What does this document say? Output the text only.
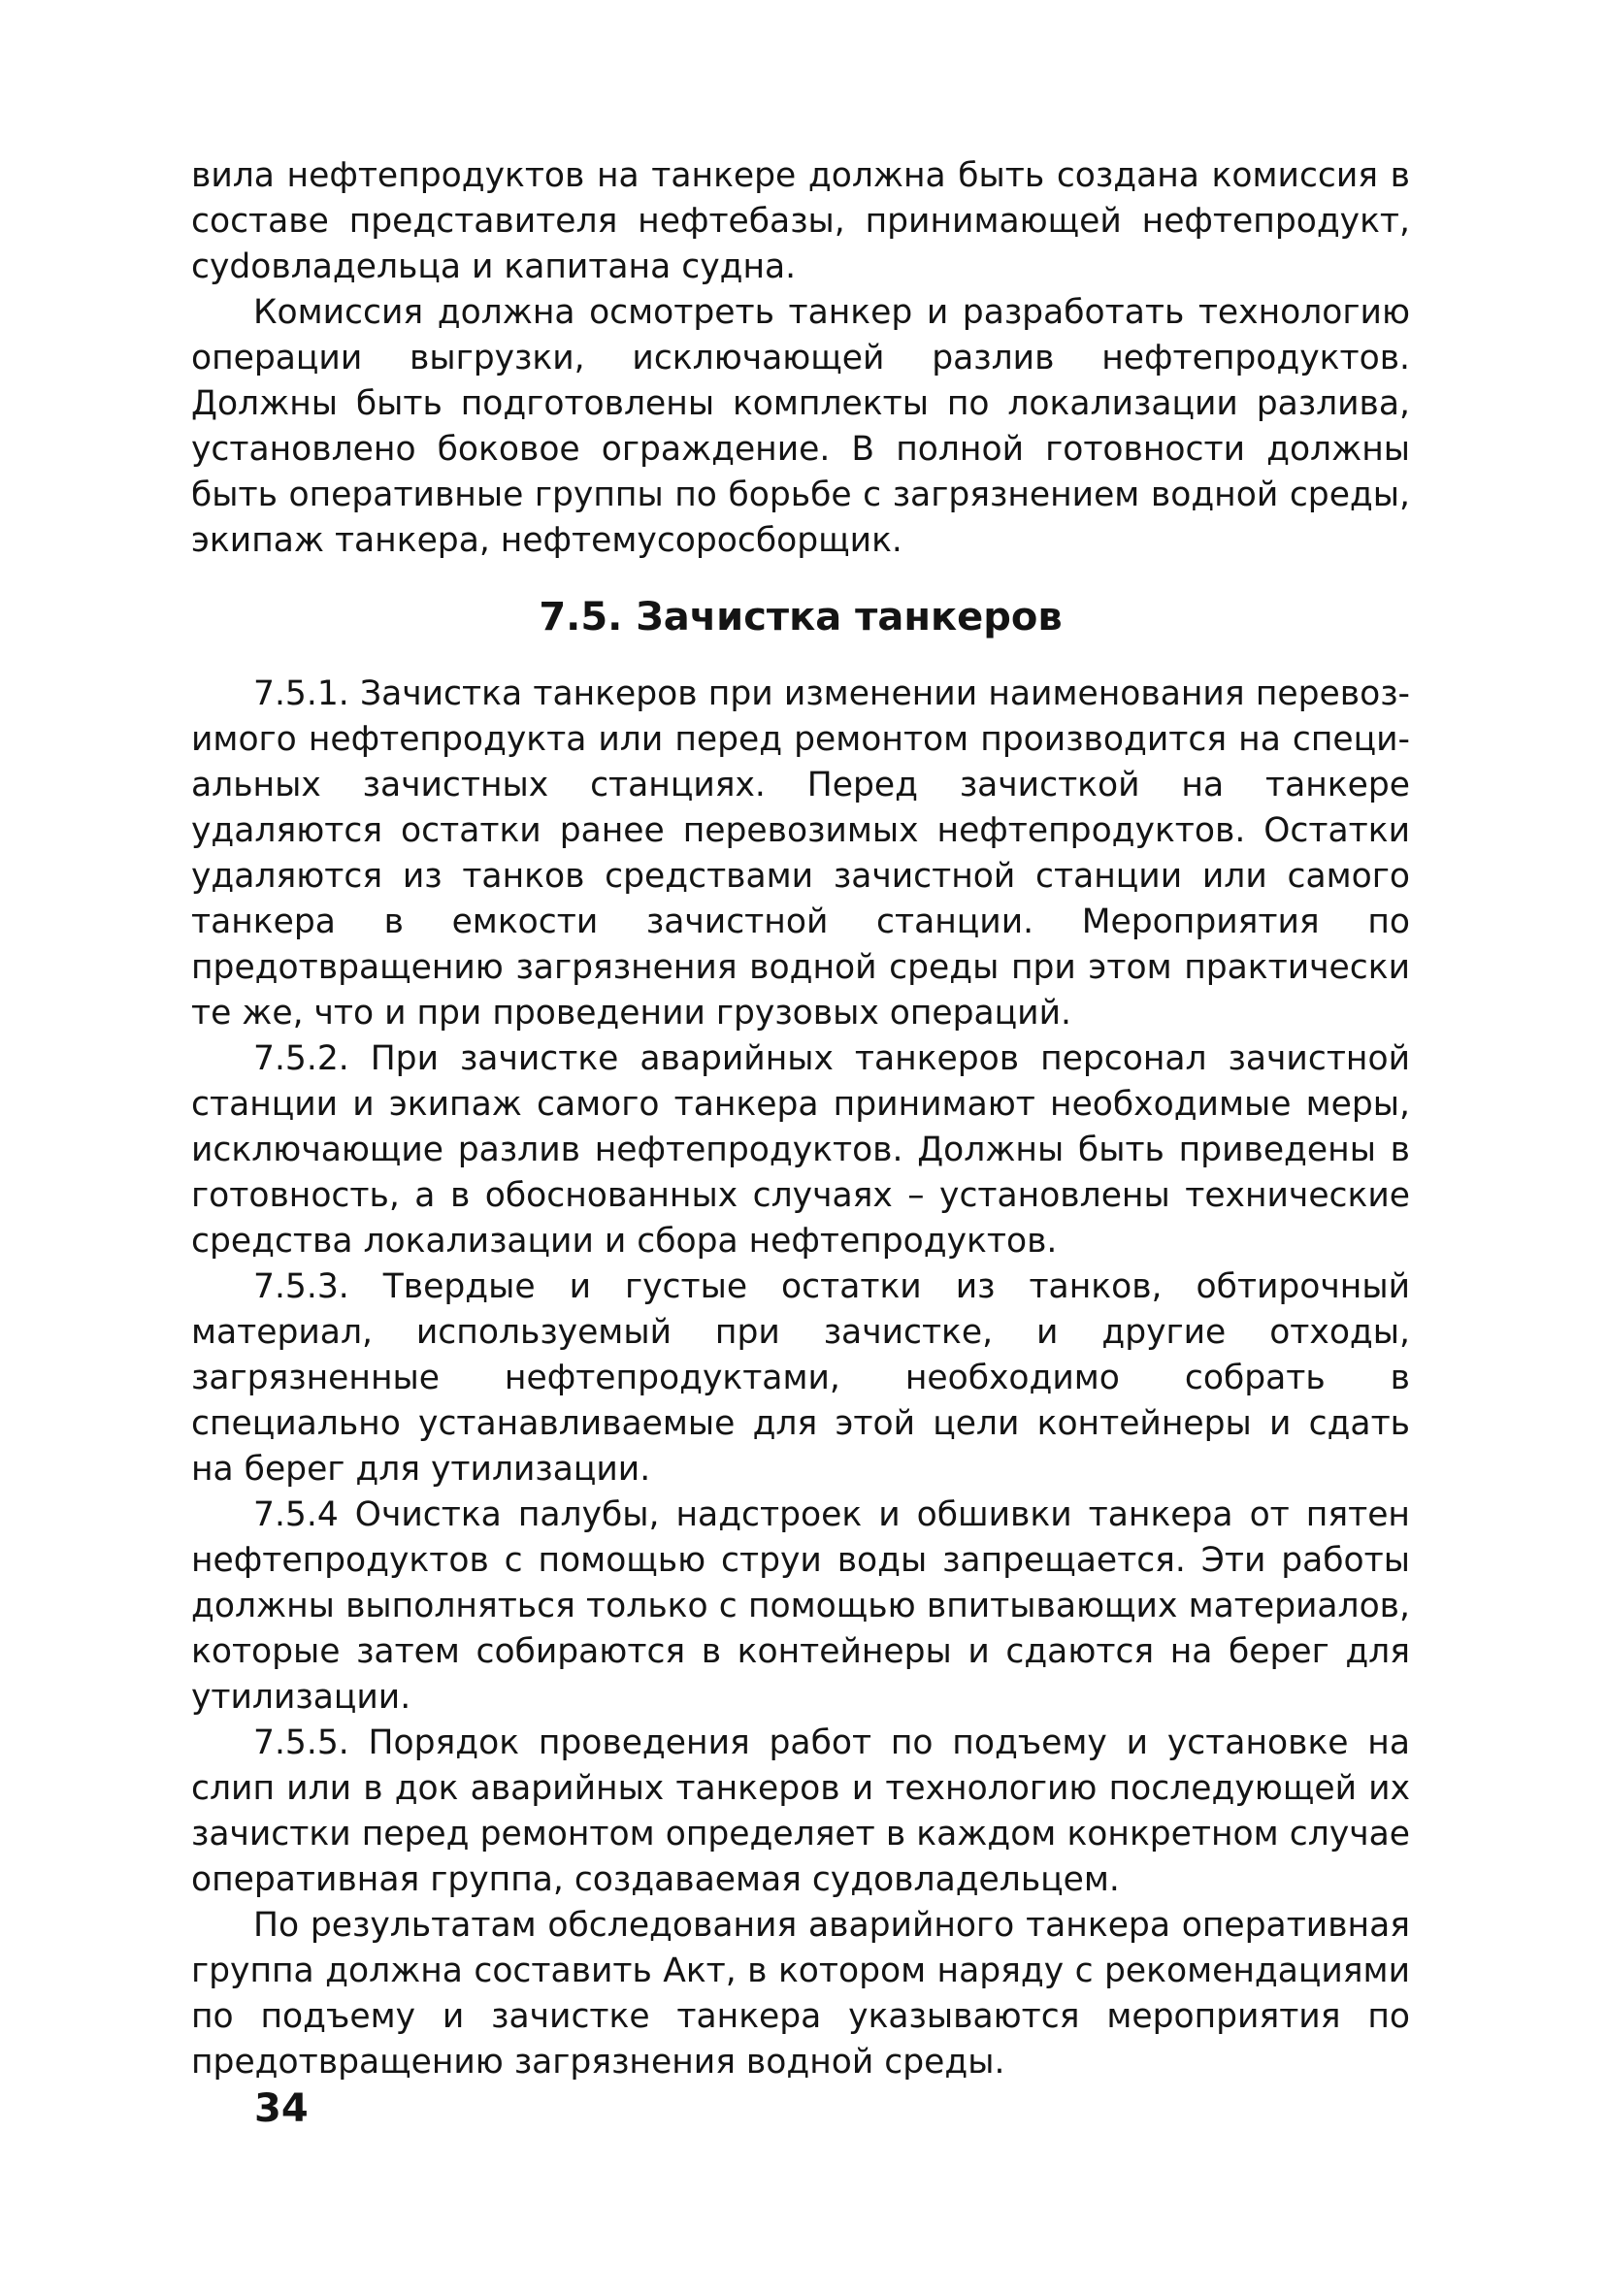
вила нефтепродуктов на танкере должна быть создана комиссия в составе представителя нефтебазы, принимающей нефтепродукт, суdовладельца и капитана судна.

Комиссия должна осмотреть танкер и разработать технологию операции выгрузки, исключающей разлив нефтепродуктов. Должны быть подготовлены комплекты по локализации разлива, установлено боковое ограждение. В полной готовности должны быть оперативные группы по борьбе с загрязнением водной среды, экипаж танкера, нефтемусоросборщик.

7.5. Зачистка танкеров

7.5.1. Зачистка танкеров при изменении наименования перевозимого нефтепродукта или перед ремонтом производится на специальных зачистных станциях. Перед зачисткой на танкере удаляются остатки ранее перевозимых нефтепродуктов. Остатки удаляются из танков средствами зачистной станции или самого танкера в емкости зачистной станции. Мероприятия по предотвращению загрязнения водной среды при этом практически те же, что и при проведении грузовых операций.

7.5.2. При зачистке аварийных танкеров персонал зачистной станции и экипаж самого танкера принимают необходимые меры, исключающие разлив нефтепродуктов. Должны быть приведены в готовность, а в обоснованных случаях – установлены технические средства локализации и сбора нефтепродуктов.

7.5.3. Твердые и густые остатки из танков, обтирочный материал, используемый при зачистке, и другие отходы, загрязненные нефтепродуктами, необходимо собрать в специально устанавливаемые для этой цели контейнеры и сдать на берег для утилизации.

7.5.4 Очистка палубы, надстроек и обшивки танкера от пятен нефтепродуктов с помощью струи воды запрещается. Эти работы должны выполняться только с помощью впитывающих материалов, которые затем собираются в контейнеры и сдаются на берег для утилизации.

7.5.5. Порядок проведения работ по подъему и установке на слип или в док аварийных танкеров и технологию последующей их зачистки перед ремонтом определяет в каждом конкретном случае оперативная группа, создаваемая судовладельцем.

По результатам обследования аварийного танкера оперативная группа должна составить Акт, в котором наряду с рекомендациями по подъему и зачистке танкера указываются мероприятия по предотвращению загрязнения водной среды.

34
